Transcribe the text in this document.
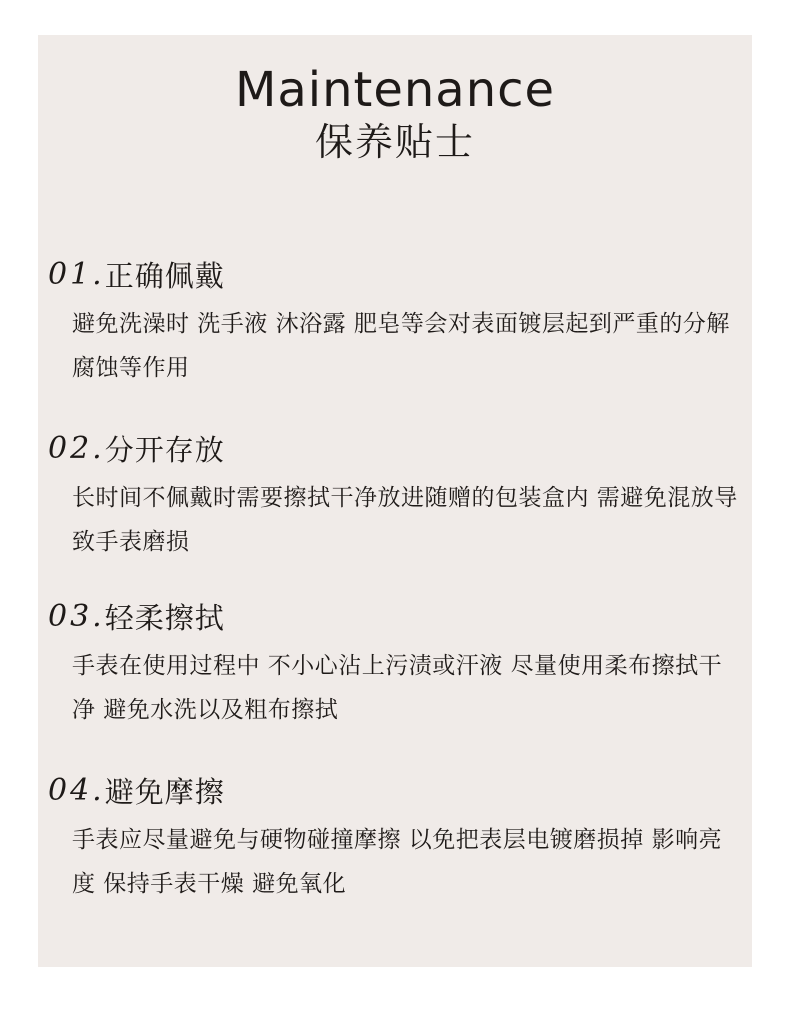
Maintenance
保养贴士
01. 正确佩戴
避免洗澡时 洗手液 沐浴露 肥皂等会对表面镀层起到严重的分解 腐蚀等作用
02. 分开存放
长时间不佩戴时需要擦拭干净放进随赠的包装盒内 需避免混放导致手表磨损
03. 轻柔擦拭
手表在使用过程中 不小心沾上污渍或汗液 尽量使用柔布擦拭干净 避免水洗以及粗布擦拭
04. 避免摩擦
手表应尽量避免与硬物碰撞摩擦 以免把表层电镀磨损掉 影响亮度 保持手表干燥 避免氧化
